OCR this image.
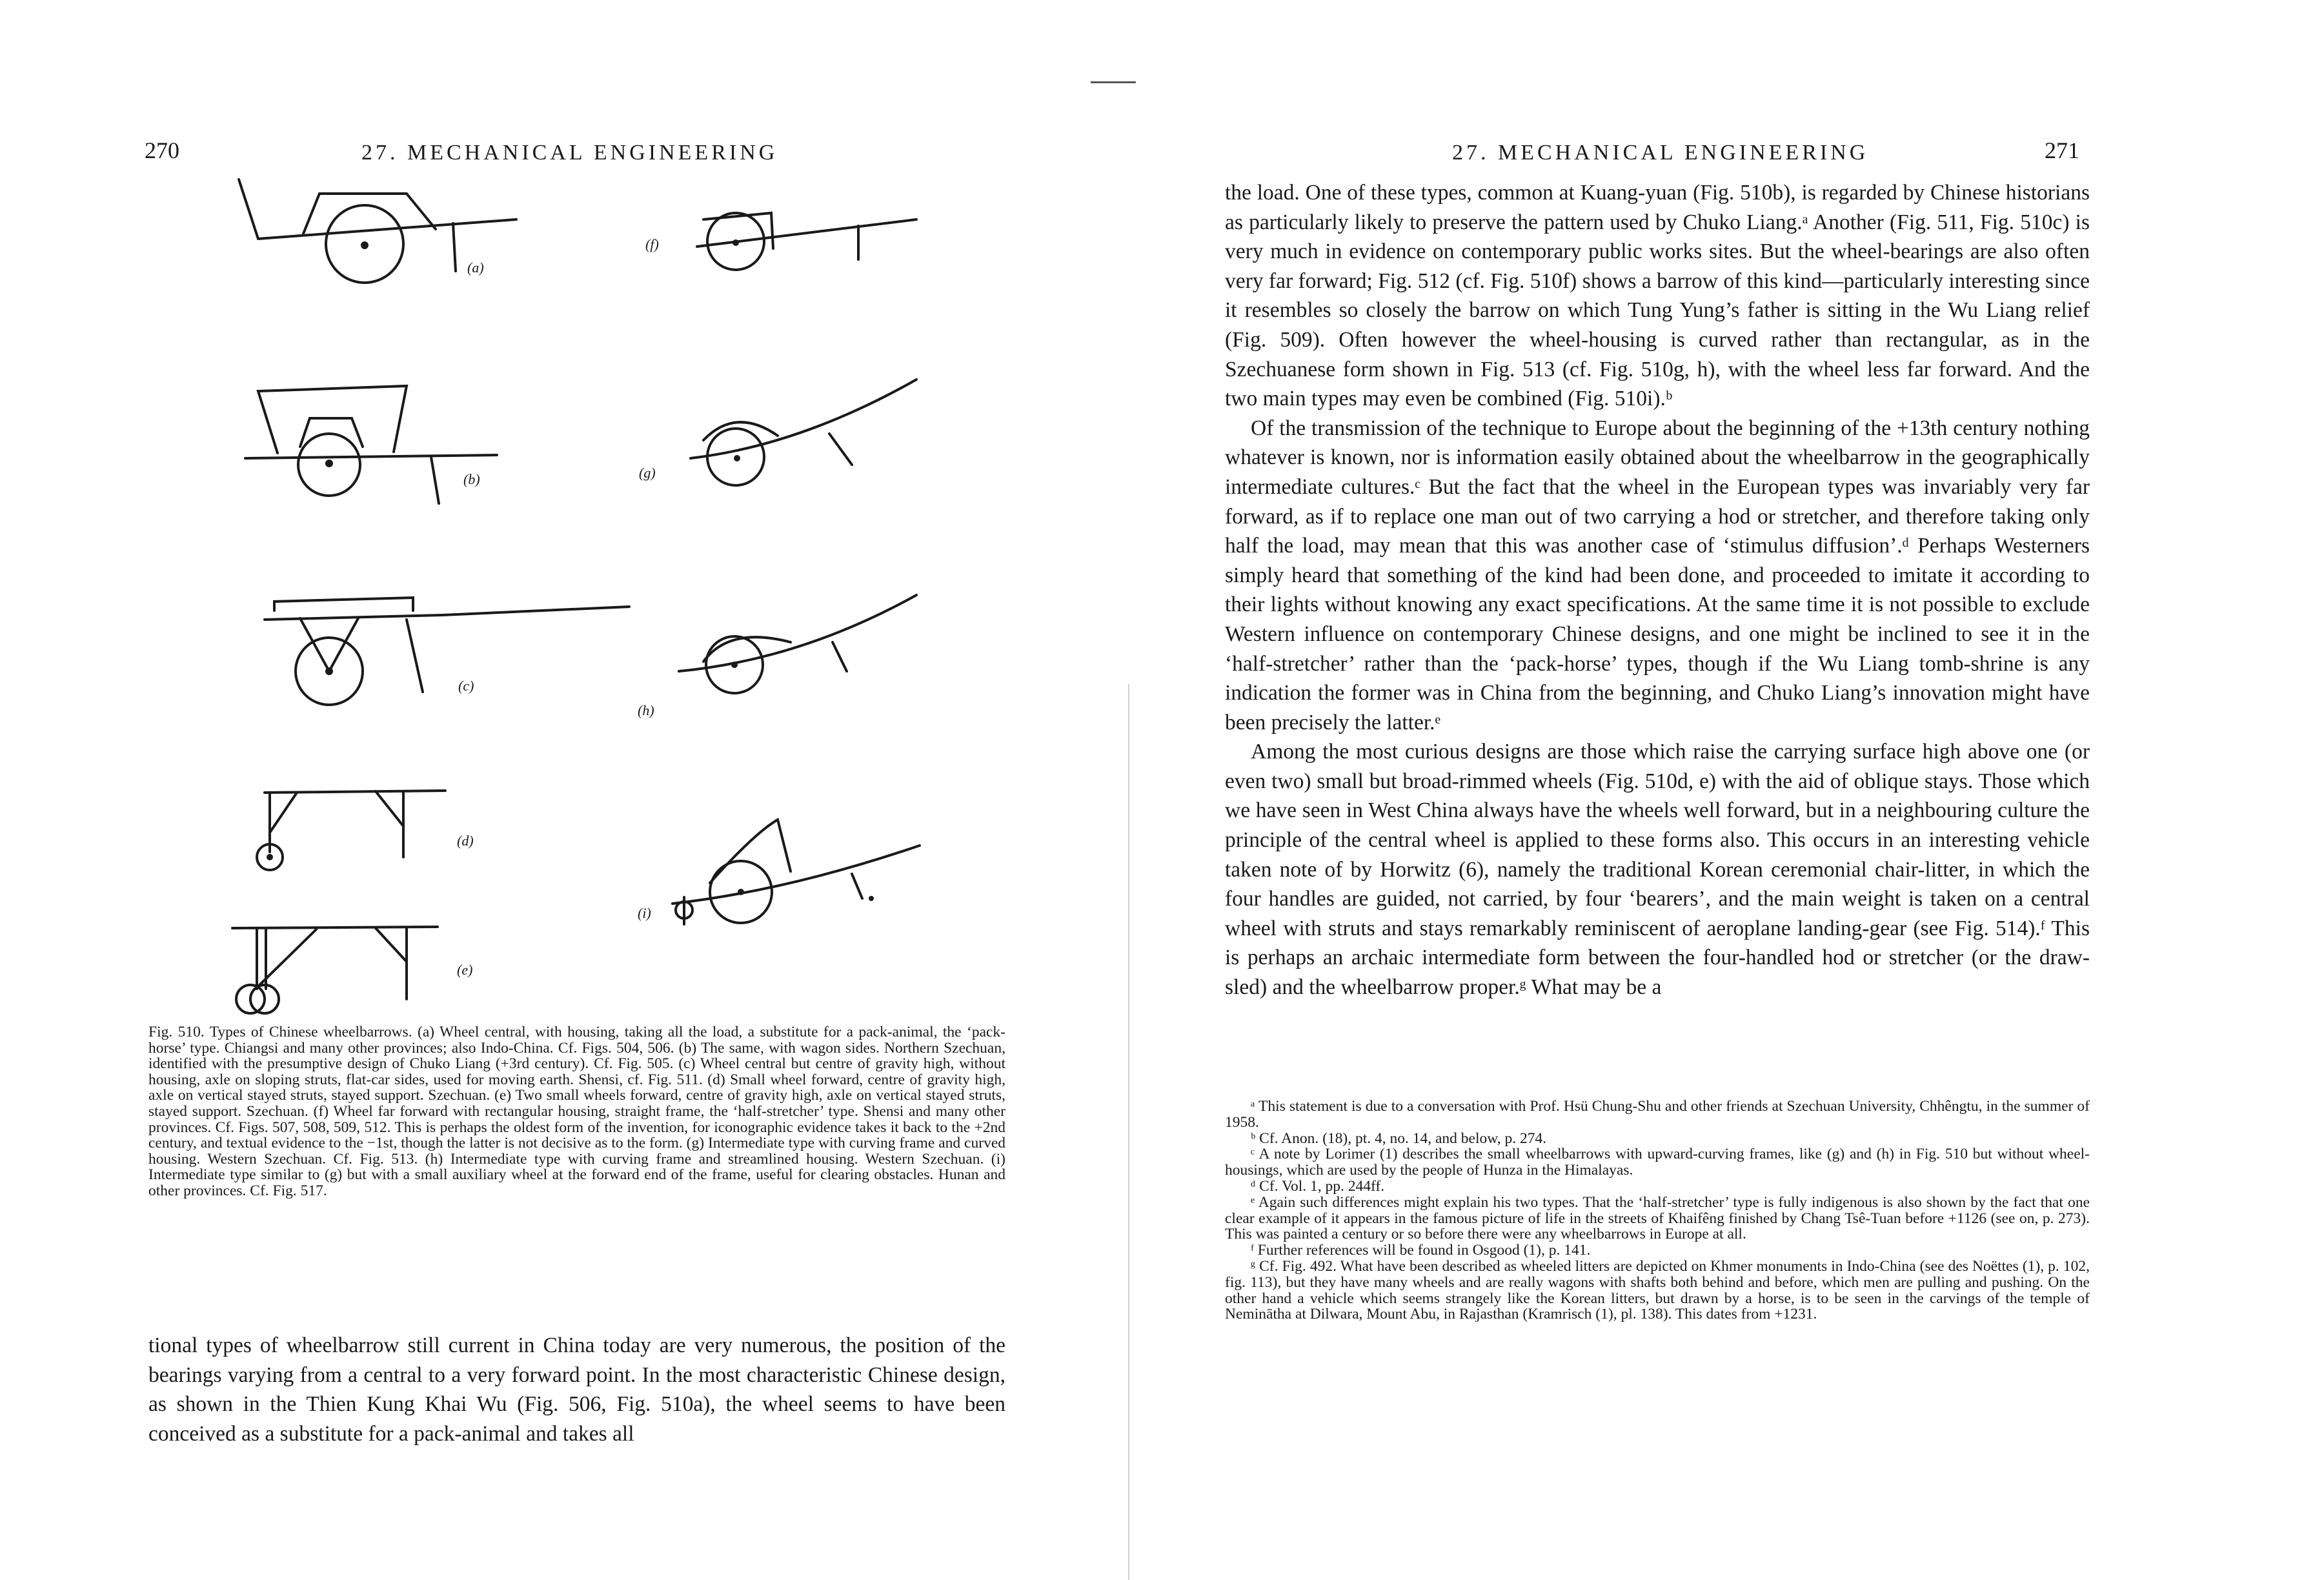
270	27. MECHANICAL ENGINEERING
(a)
(b)
(c)
(d)
(e)
(f)
(g)
(h)
(i)
Fig. 510. Types of Chinese wheelbarrows. (a) Wheel central, with housing, taking all the load, a substitute for a pack-animal, the ‘pack-horse’ type. Chiangsi and many other provinces; also Indo-China. Cf. Figs. 504, 506. (b) The same, with wagon sides. Northern Szechuan, identified with the presumptive design of Chuko Liang (+3rd century). Cf. Fig. 505. (c) Wheel central but centre of gravity high, without housing, axle on sloping struts, flat-car sides, used for moving earth. Shensi, cf. Fig. 511. (d) Small wheel forward, centre of gravity high, axle on vertical stayed struts, stayed support. Szechuan. (e) Two small wheels forward, centre of gravity high, axle on vertical stayed struts, stayed support. Szechuan. (f) Wheel far forward with rectangular housing, straight frame, the ‘half-stretcher’ type. Shensi and many other provinces. Cf. Figs. 507, 508, 509, 512. This is perhaps the oldest form of the invention, for iconographic evidence takes it back to the +2nd century, and textual evidence to the −1st, though the latter is not decisive as to the form. (g) Intermediate type with curving frame and curved housing. Western Szechuan. Cf. Fig. 513. (h) Intermediate type with curving frame and streamlined housing. Western Szechuan. (i) Intermediate type similar to (g) but with a small auxiliary wheel at the forward end of the frame, useful for clearing obstacles. Hunan and other provinces. Cf. Fig. 517.

tional types of wheelbarrow still current in China today are very numerous, the position of the bearings varying from a central to a very forward point. In the most characteristic Chinese design, as shown in the Thien Kung Khai Wu (Fig. 506, Fig. 510a), the wheel seems to have been conceived as a substitute for a pack-animal and takes all

27. MECHANICAL ENGINEERING	271

the load. One of these types, common at Kuang-yuan (Fig. 510b), is regarded by Chinese historians as particularly likely to preserve the pattern used by Chuko Liang.ᵃ Another (Fig. 511, Fig. 510c) is very much in evidence on contemporary public works sites. But the wheel-bearings are also often very far forward; Fig. 512 (cf. Fig. 510f) shows a barrow of this kind—particularly interesting since it resembles so closely the barrow on which Tung Yung’s father is sitting in the Wu Liang relief (Fig. 509). Often however the wheel-housing is curved rather than rectangular, as in the Szechuanese form shown in Fig. 513 (cf. Fig. 510g, h), with the wheel less far forward. And the two main types may even be combined (Fig. 510i).ᵇ

Of the transmission of the technique to Europe about the beginning of the +13th century nothing whatever is known, nor is information easily obtained about the wheelbarrow in the geographically intermediate cultures.ᶜ But the fact that the wheel in the European types was invariably very far forward, as if to replace one man out of two carrying a hod or stretcher, and therefore taking only half the load, may mean that this was another case of ‘stimulus diffusion’.ᵈ Perhaps Westerners simply heard that something of the kind had been done, and proceeded to imitate it according to their lights without knowing any exact specifications. At the same time it is not possible to exclude Western influence on contemporary Chinese designs, and one might be inclined to see it in the ‘half-stretcher’ rather than the ‘pack-horse’ types, though if the Wu Liang tomb-shrine is any indication the former was in China from the beginning, and Chuko Liang’s innovation might have been precisely the latter.ᵉ

Among the most curious designs are those which raise the carrying surface high above one (or even two) small but broad-rimmed wheels (Fig. 510d, e) with the aid of oblique stays. Those which we have seen in West China always have the wheels well forward, but in a neighbouring culture the principle of the central wheel is applied to these forms also. This occurs in an interesting vehicle taken note of by Horwitz (6), namely the traditional Korean ceremonial chair-litter, in which the four handles are guided, not carried, by four ‘bearers’, and the main weight is taken on a central wheel with struts and stays remarkably reminiscent of aeroplane landing-gear (see Fig. 514).ᶠ This is perhaps an archaic intermediate form between the four-handled hod or stretcher (or the draw-sled) and the wheelbarrow proper.ᵍ What may be a

ᵃ This statement is due to a conversation with Prof. Hsü Chung-Shu and other friends at Szechuan University, Chhêngtu, in the summer of 1958.

ᵇ Cf. Anon. (18), pt. 4, no. 14, and below, p. 274.

ᶜ A note by Lorimer (1) describes the small wheelbarrows with upward-curving frames, like (g) and (h) in Fig. 510 but without wheel-housings, which are used by the people of Hunza in the Himalayas.

ᵈ Cf. Vol. 1, pp. 244ff.

ᵉ Again such differences might explain his two types. That the ‘half-stretcher’ type is fully indigenous is also shown by the fact that one clear example of it appears in the famous picture of life in the streets of Khaifêng finished by Chang Tsê-Tuan before +1126 (see on, p. 273). This was painted a century or so before there were any wheelbarrows in Europe at all.

ᶠ Further references will be found in Osgood (1), p. 141.

ᵍ Cf. Fig. 492. What have been described as wheeled litters are depicted on Khmer monuments in Indo-China (see des Noëttes (1), p. 102, fig. 113), but they have many wheels and are really wagons with shafts both behind and before, which men are pulling and pushing. On the other hand a vehicle which seems strangely like the Korean litters, but drawn by a horse, is to be seen in the carvings of the temple of Neminātha at Dilwara, Mount Abu, in Rajasthan (Kramrisch (1), pl. 138). This dates from +1231.
